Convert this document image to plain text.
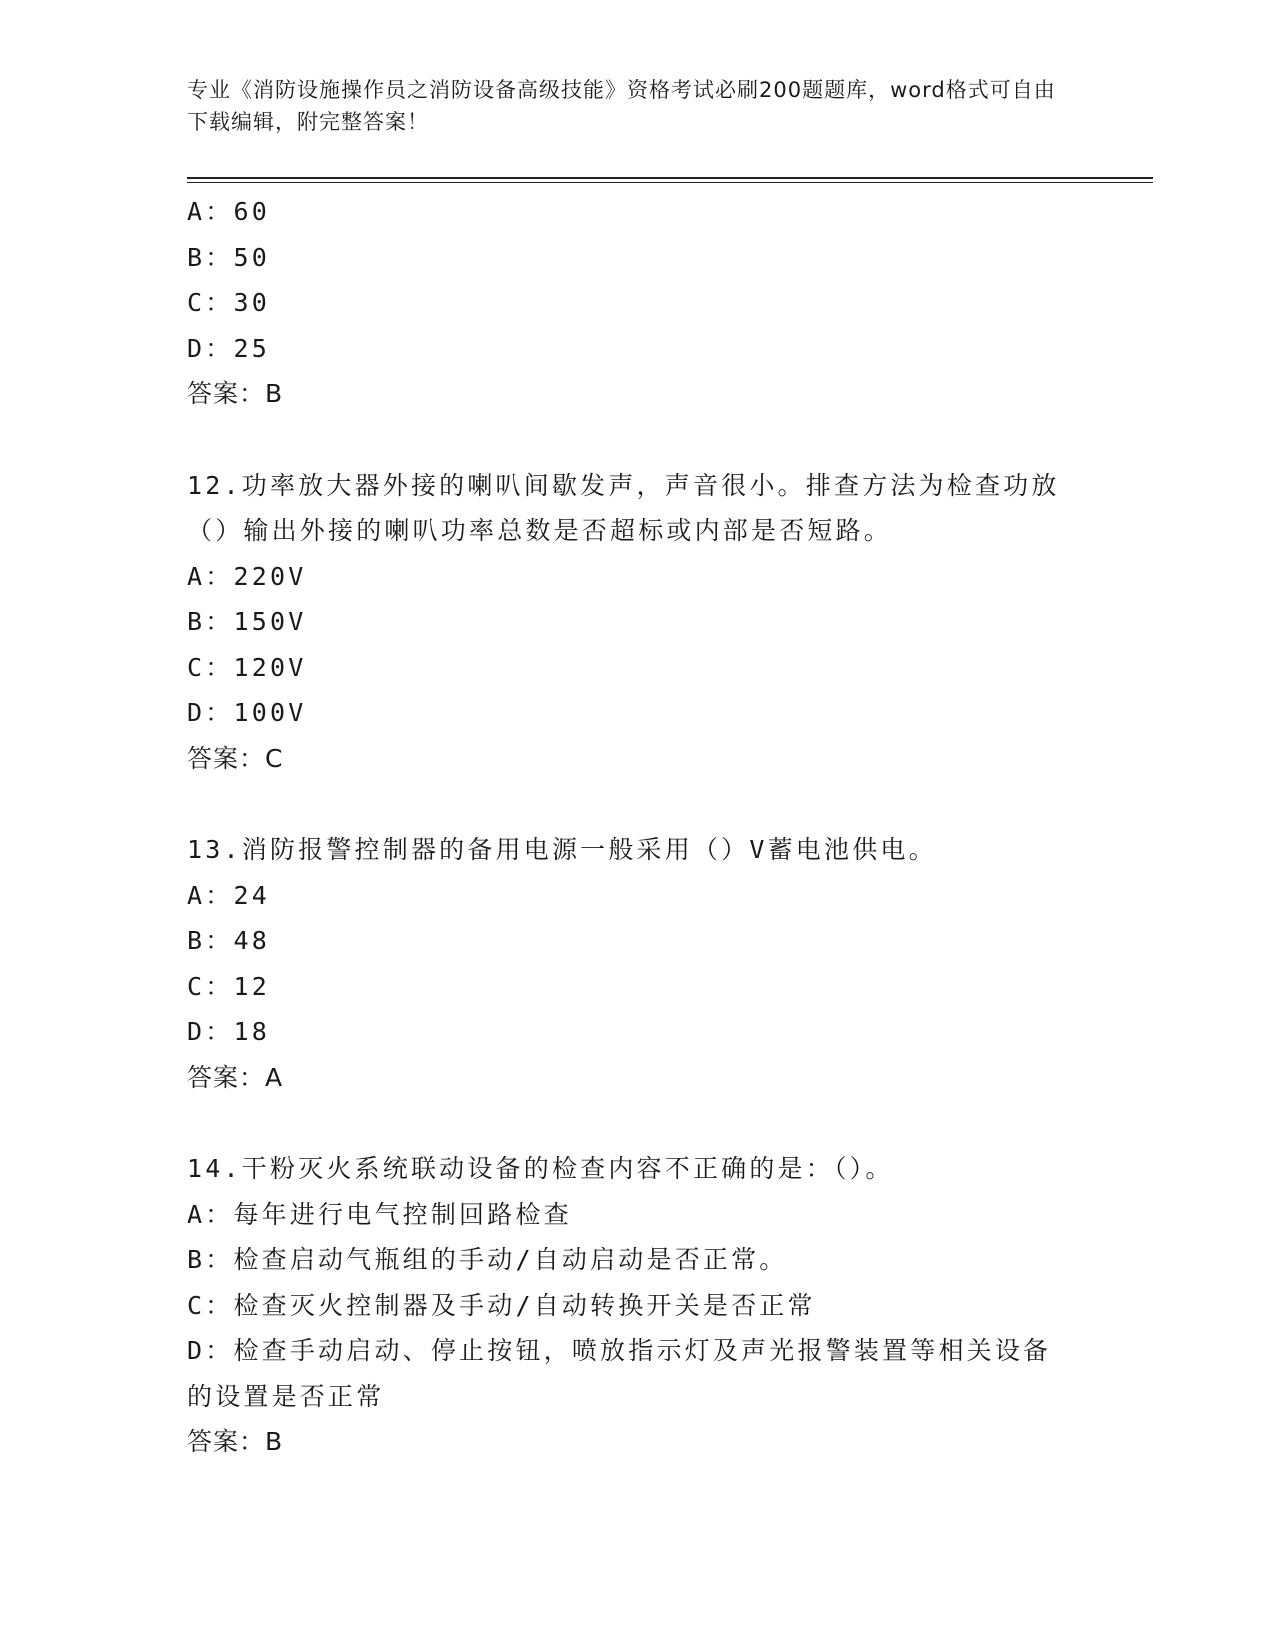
专业《消防设施操作员之消防设备高级技能》资格考试必刷200题题库，word格式可自由下载编辑，附完整答案！
A：60
B：50
C：30
D：25
答案：B
12.功率放大器外接的喇叭间歇发声，声音很小。排查方法为检查功放（）输出外接的喇叭功率总数是否超标或内部是否短路。
A：220V
B：150V
C：120V
D：100V
答案：C
13.消防报警控制器的备用电源一般采用（）V蓄电池供电。
A：24
B：48
C：12
D：18
答案：A
14.干粉灭火系统联动设备的检查内容不正确的是：（）。
A：每年进行电气控制回路检查
B：检查启动气瓶组的手动/自动启动是否正常。
C：检查灭火控制器及手动/自动转换开关是否正常
D：检查手动启动、停止按钮，喷放指示灯及声光报警装置等相关设备的设置是否正常
答案：B
